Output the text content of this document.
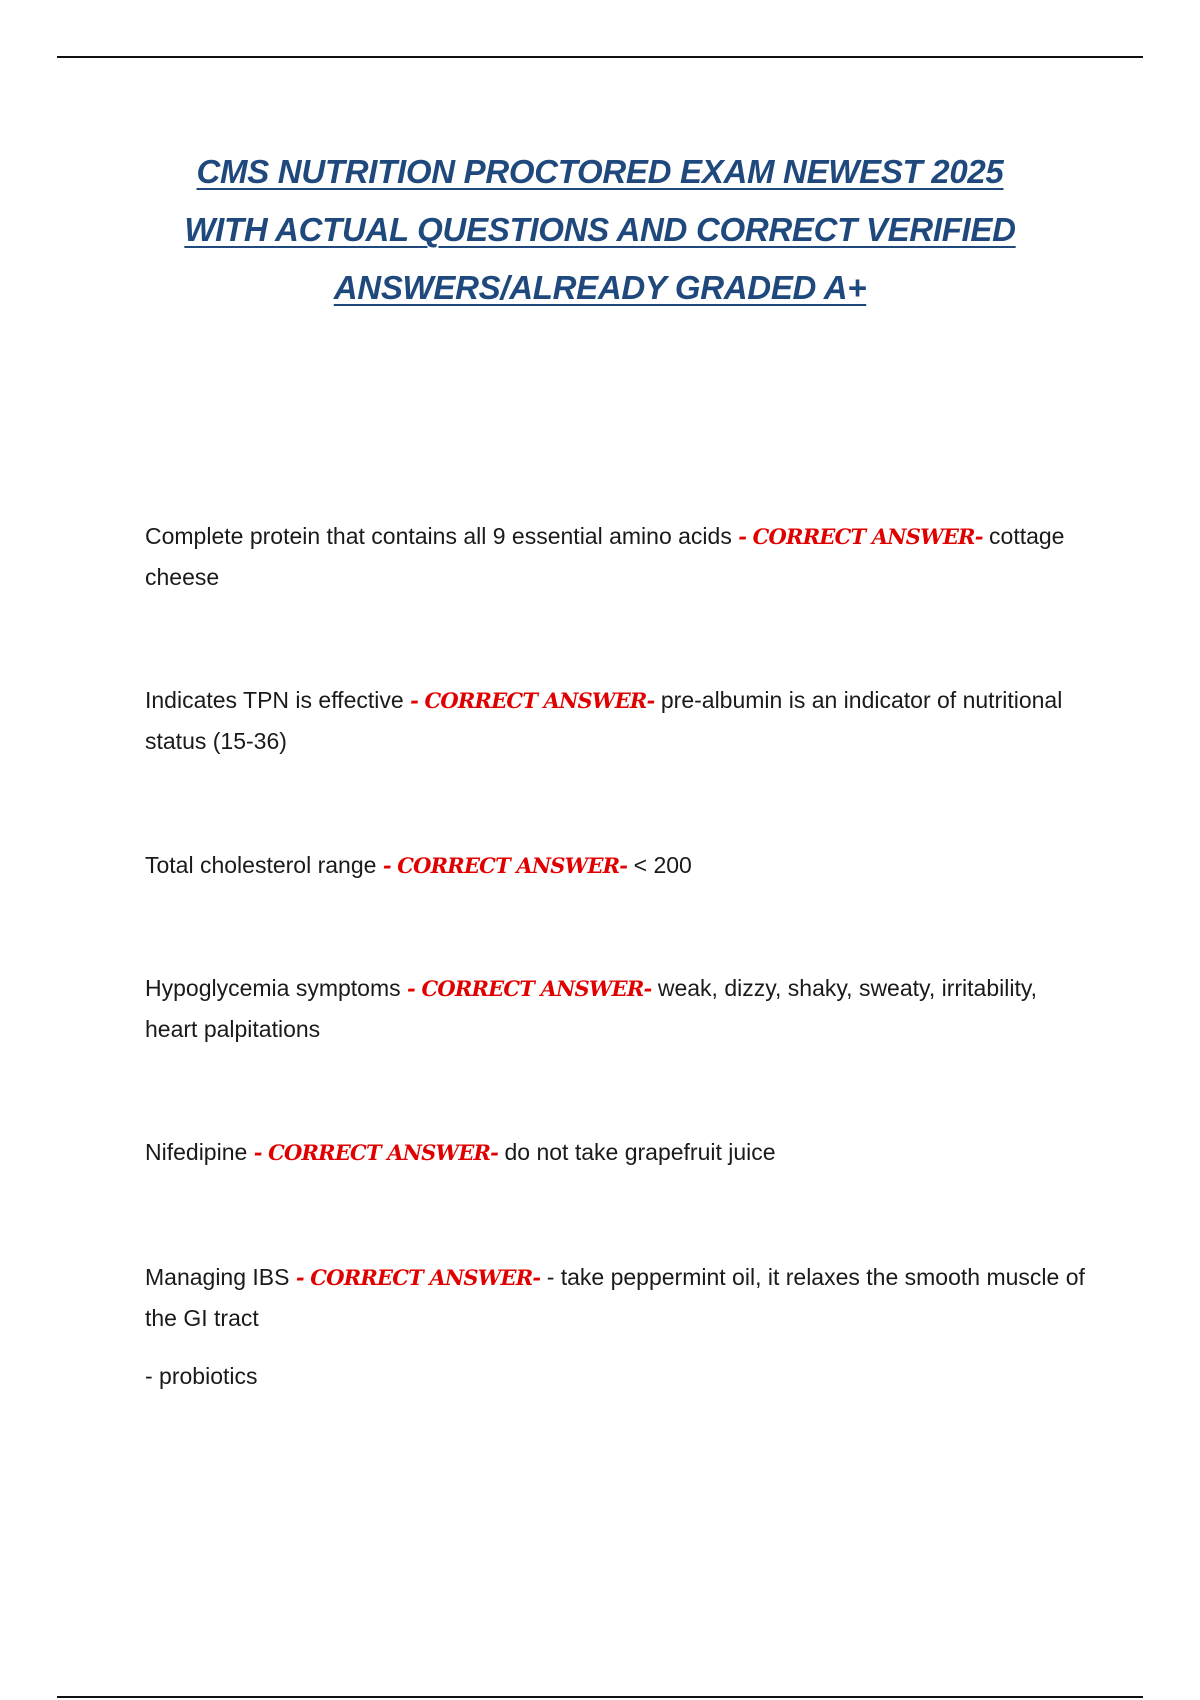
CMS NUTRITION PROCTORED EXAM NEWEST 2025
WITH ACTUAL QUESTIONS AND CORRECT VERIFIED
ANSWERS/ALREADY GRADED A+

Complete protein that contains all 9 essential amino acids - CORRECT ANSWER- cottage cheese

Indicates TPN is effective - CORRECT ANSWER- pre-albumin is an indicator of nutritional status (15-36)

Total cholesterol range - CORRECT ANSWER- < 200

Hypoglycemia symptoms - CORRECT ANSWER- weak, dizzy, shaky, sweaty, irritability, heart palpitations

Nifedipine - CORRECT ANSWER- do not take grapefruit juice

Managing IBS - CORRECT ANSWER- - take peppermint oil, it relaxes the smooth muscle of the GI tract

- probiotics
